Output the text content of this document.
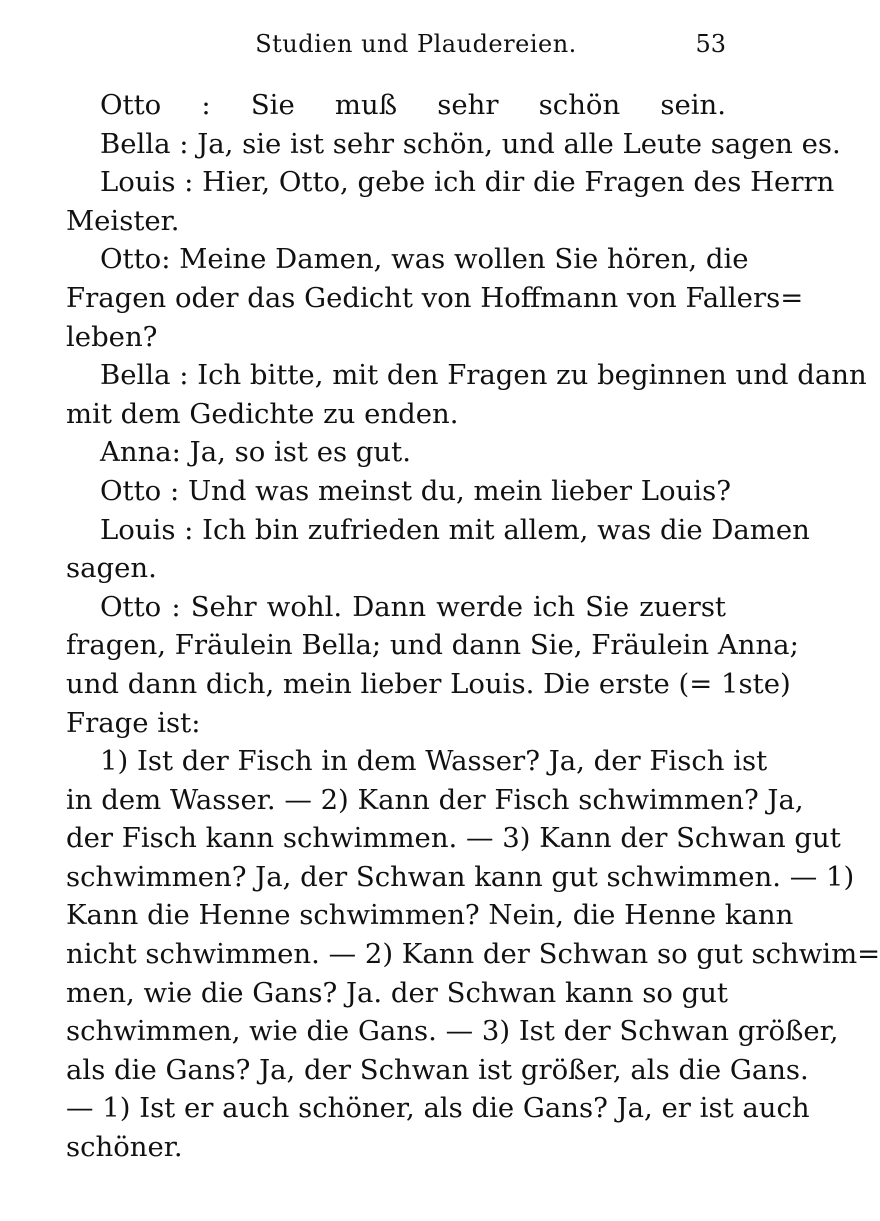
Studien und Plaudereien.	53
Otto : Sie muß sehr schön sein.
Bella : Ja, sie ist sehr schön, und alle Leute sagen es.
Louis : Hier, Otto, gebe ich dir die Fragen des Herrn
Meister.
Otto: Meine Damen, was wollen Sie hören, die
Fragen oder das Gedicht von Hoffmann von Fallers=
leben?
Bella : Ich bitte, mit den Fragen zu beginnen und dann
mit dem Gedichte zu enden.
Anna: Ja, so ist es gut.
Otto : Und was meinst du, mein lieber Louis?
Louis : Ich bin zufrieden mit allem, was die Damen
sagen.
Otto : Sehr wohl. Dann werde ich Sie zuerst
fragen, Fräulein Bella; und dann Sie, Fräulein Anna;
und dann dich, mein lieber Louis. Die erste (= 1ste)
Frage ist:
1) Ist der Fisch in dem Wasser? Ja, der Fisch ist
in dem Wasser. — 2) Kann der Fisch schwimmen? Ja,
der Fisch kann schwimmen. — 3) Kann der Schwan gut
schwimmen? Ja, der Schwan kann gut schwimmen. — 1)
Kann die Henne schwimmen? Nein, die Henne kann
nicht schwimmen. — 2) Kann der Schwan so gut schwim=
men, wie die Gans? Ja. der Schwan kann so gut
schwimmen, wie die Gans. — 3) Ist der Schwan größer,
als die Gans? Ja, der Schwan ist größer, als die Gans.
— 1) Ist er auch schöner, als die Gans? Ja, er ist auch
schöner.
